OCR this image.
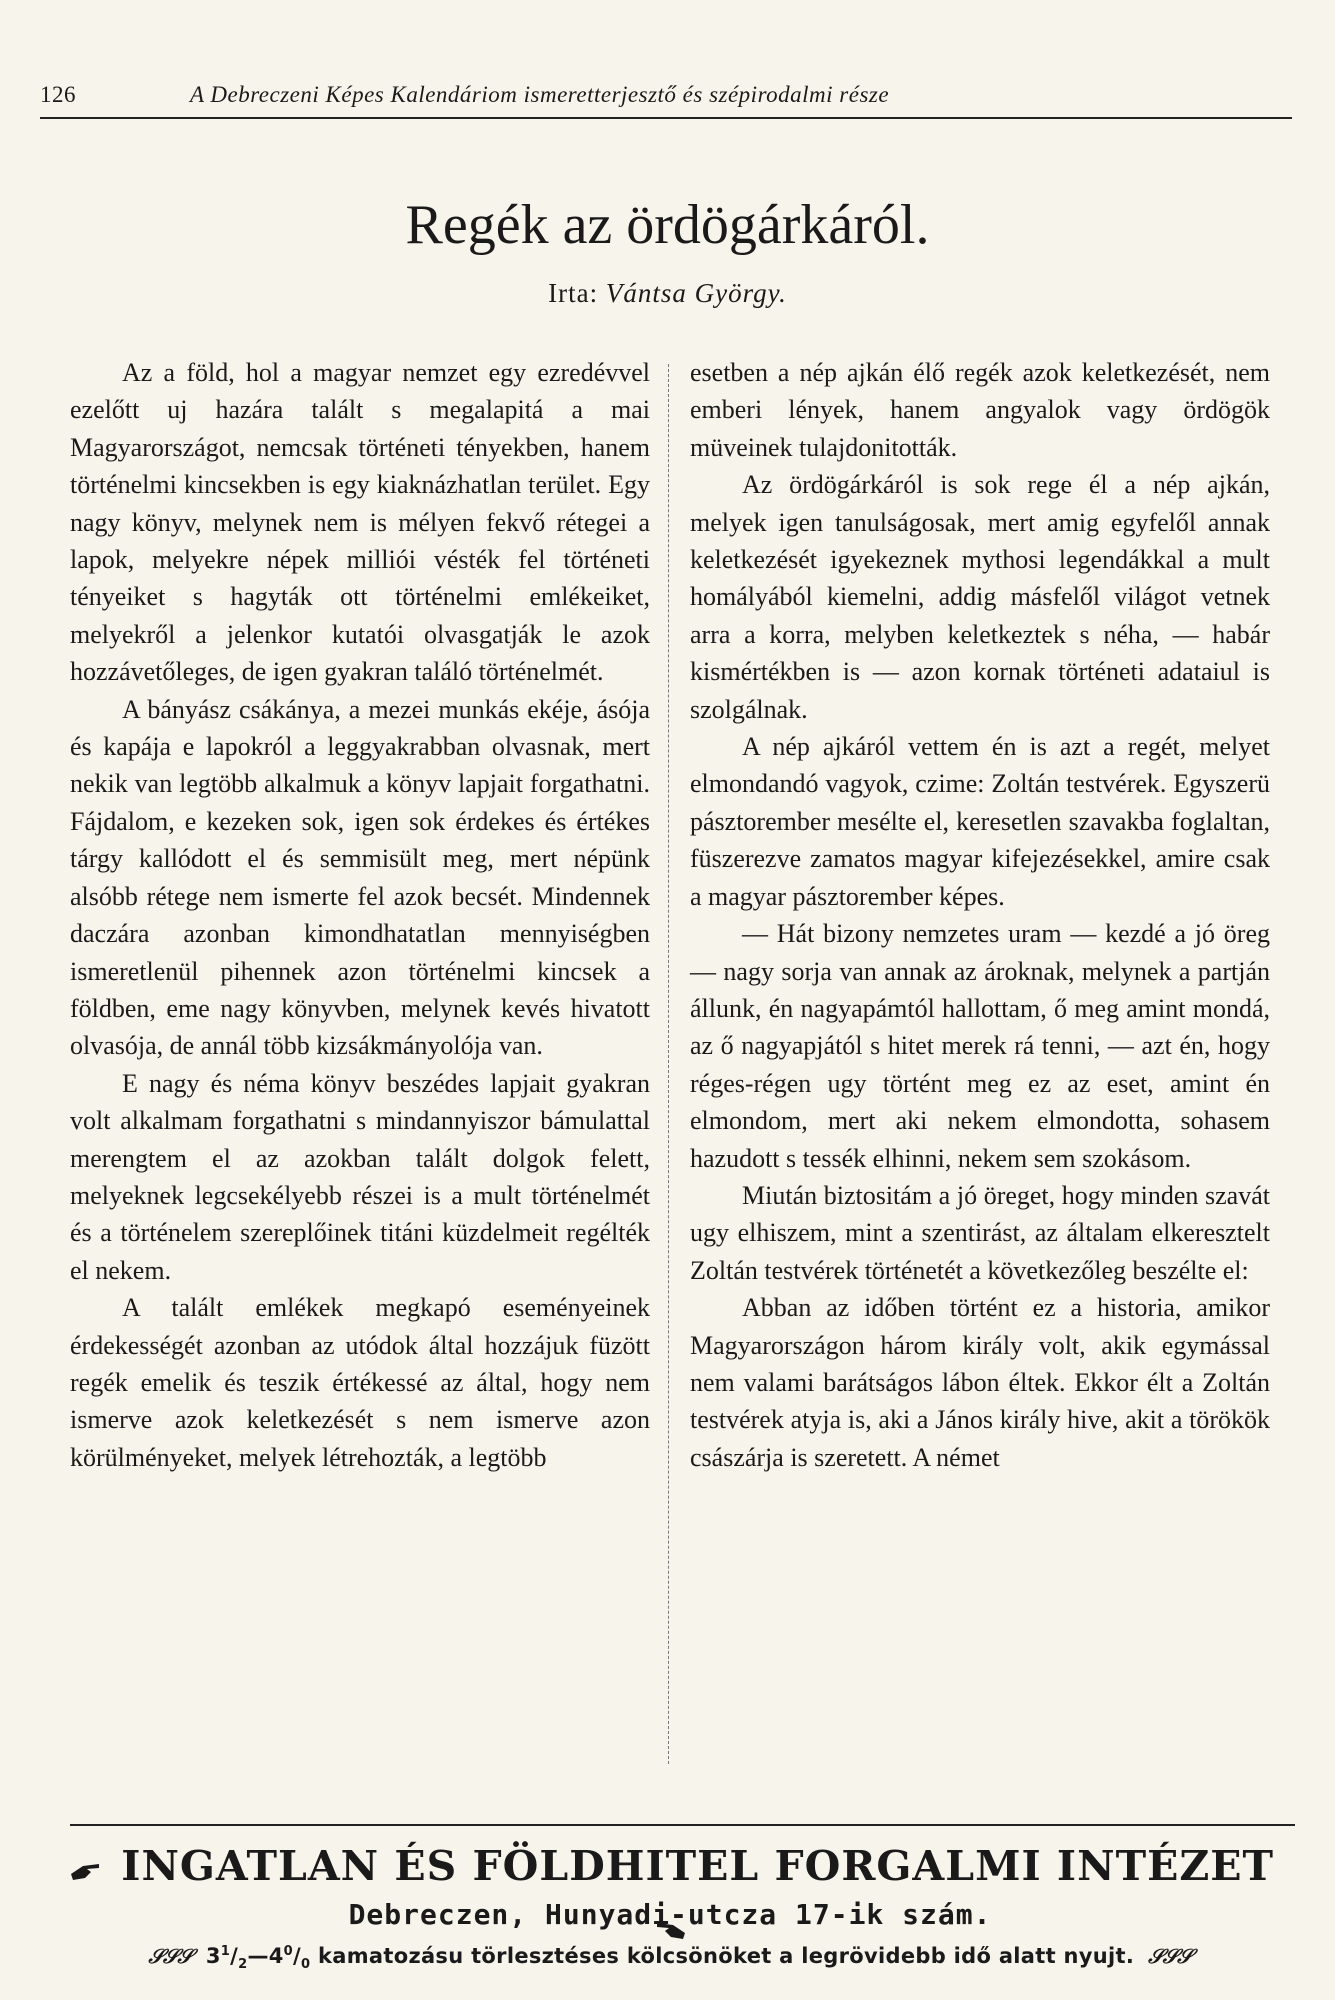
126	A Debreczeni Képes Kalendáriom ismeretterjesztő és szépirodalmi része
Regék az ördögárkáról.
Irta: Vántsa György.

Az a föld, hol a magyar nemzet egy ezredévvel ezelőtt uj hazára talált s megalapitá a mai Magyarországot, nemcsak történeti tényekben, hanem történelmi kincsekben is egy kiaknázhatlan terület. Egy nagy könyv, melynek nem is mélyen fekvő rétegei a lapok, melyekre népek milliói vésték fel történeti tényeiket s hagyták ott történelmi emlékeiket, melyekről a jelenkor kutatói olvasgatják le azok hozzávetőleges, de igen gyakran találó történelmét.

A bányász csákánya, a mezei munkás ekéje, ásója és kapája e lapokról a leggyakrabban olvasnak, mert nekik van legtöbb alkalmuk a könyv lapjait forgathatni. Fájdalom, e kezeken sok, igen sok érdekes és értékes tárgy kallódott el és semmisült meg, mert népünk alsóbb rétege nem ismerte fel azok becsét. Mindennek daczára azonban kimondhatatlan mennyiségben ismeretlenül pihennek azon történelmi kincsek a földben, eme nagy könyvben, melynek kevés hivatott olvasója, de annál több kizsákmányolója van.

E nagy és néma könyv beszédes lapjait gyakran volt alkalmam forgathatni s mindannyiszor bámulattal merengtem el az azokban talált dolgok felett, melyeknek legcsekélyebb részei is a mult történelmét és a történelem szereplőinek titáni küzdelmeit regélték el nekem.

A talált emlékek megkapó eseményeinek érdekességét azonban az utódok által hozzájuk füzött regék emelik és teszik értékessé az által, hogy nem ismerve azok keletkezését s nem ismerve azon körülményeket, melyek létrehozták, a legtöbb

esetben a nép ajkán élő regék azok keletkezését, nem emberi lények, hanem angyalok vagy ördögök müveinek tulajdonitották.

Az ördögárkáról is sok rege él a nép ajkán, melyek igen tanulságosak, mert amig egyfelől annak keletkezését igyekeznek mythosi legendákkal a mult homályából kiemelni, addig másfelől világot vetnek arra a korra, melyben keletkeztek s néha, — habár kismértékben is — azon kornak történeti adataiul is szolgálnak.

A nép ajkáról vettem én is azt a regét, melyet elmondandó vagyok, czime: Zoltán testvérek. Egyszerü pásztorember mesélte el, keresetlen szavakba foglaltan, füszerezve zamatos magyar kifejezésekkel, amire csak a magyar pásztorember képes.

— Hát bizony nemzetes uram — kezdé a jó öreg — nagy sorja van annak az ároknak, melynek a partján állunk, én nagyapámtól hallottam, ő meg amint mondá, az ő nagyapjától s hitet merek rá tenni, — azt én, hogy réges-régen ugy történt meg ez az eset, amint én elmondom, mert aki nekem elmondotta, sohasem hazudott s tessék elhinni, nekem sem szokásom.

Miután biztositám a jó öreget, hogy minden szavát ugy elhiszem, mint a szentirást, az általam elkeresztelt Zoltán testvérek történetét a következőleg beszélte el:

Abban az időben történt ez a historia, amikor Magyarországon három király volt, akik egymással nem valami barátságos lábon éltek. Ekkor élt a Zoltán testvérek atyja is, aki a János király hive, akit a törökök császárja is szeretett. A német

INGATLAN ÉS FÖLDHITEL FORGALMI INTÉZET
Debreczen, Hunyadi-utcza 17-ik szám.
𝒮𝒮𝒮 $3^1/_2—4^0/_0$ kamatozásu törlesztéses kölcsönöket a legrövidebb idő alatt nyujt. 𝒮𝒮𝒮
